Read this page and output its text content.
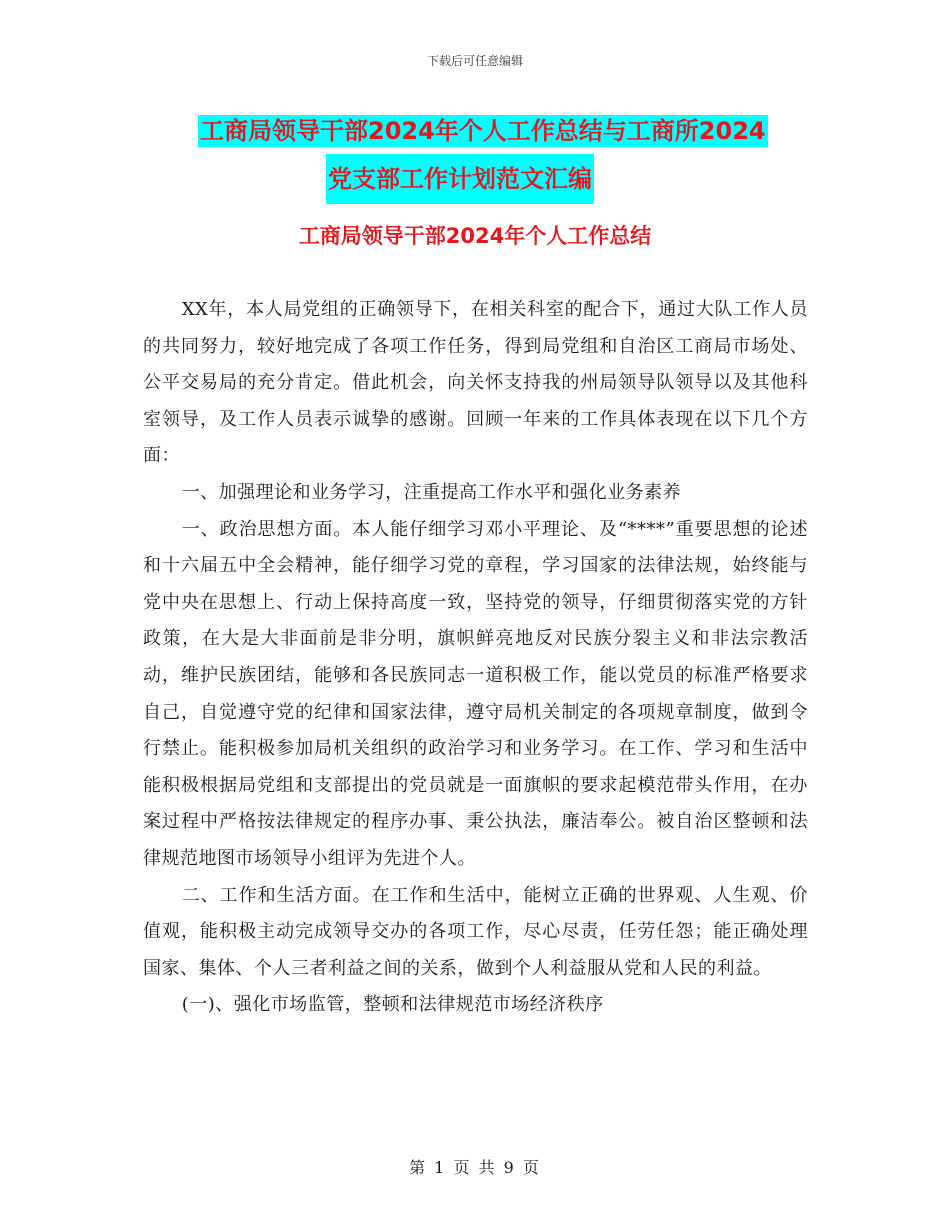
下载后可任意编辑
工商局领导干部2024年个人工作总结与工商所2024
党支部工作计划范文汇编
工商局领导干部2024年个人工作总结

XX年，本人局党组的正确领导下，在相关科室的配合下，通过大队工作人员的共同努力，较好地完成了各项工作任务，得到局党组和自治区工商局市场处、公平交易局的充分肯定。借此机会，向关怀支持我的州局领导队领导以及其他科室领导，及工作人员表示诚挚的感谢。回顾一年来的工作具体表现在以下几个方面：

一、加强理论和业务学习，注重提高工作水平和强化业务素养

一、政治思想方面。本人能仔细学习邓小平理论、及“****”重要思想的论述和十六届五中全会精神，能仔细学习党的章程，学习国家的法律法规，始终能与党中央在思想上、行动上保持高度一致，坚持党的领导，仔细贯彻落实党的方针政策，在大是大非面前是非分明，旗帜鲜亮地反对民族分裂主义和非法宗教活动，维护民族团结，能够和各民族同志一道积极工作，能以党员的标准严格要求自己，自觉遵守党的纪律和国家法律，遵守局机关制定的各项规章制度，做到令行禁止。能积极参加局机关组织的政治学习和业务学习。在工作、学习和生活中能积极根据局党组和支部提出的党员就是一面旗帜的要求起模范带头作用，在办案过程中严格按法律规定的程序办事、秉公执法，廉洁奉公。被自治区整顿和法律规范地图市场领导小组评为先进个人。

二、工作和生活方面。在工作和生活中，能树立正确的世界观、人生观、价值观，能积极主动完成领导交办的各项工作，尽心尽责，任劳任怨；能正确处理国家、集体、个人三者利益之间的关系，做到个人利益服从党和人民的利益。

(一)、强化市场监管，整顿和法律规范市场经济秩序

第 1 页 共 9 页
